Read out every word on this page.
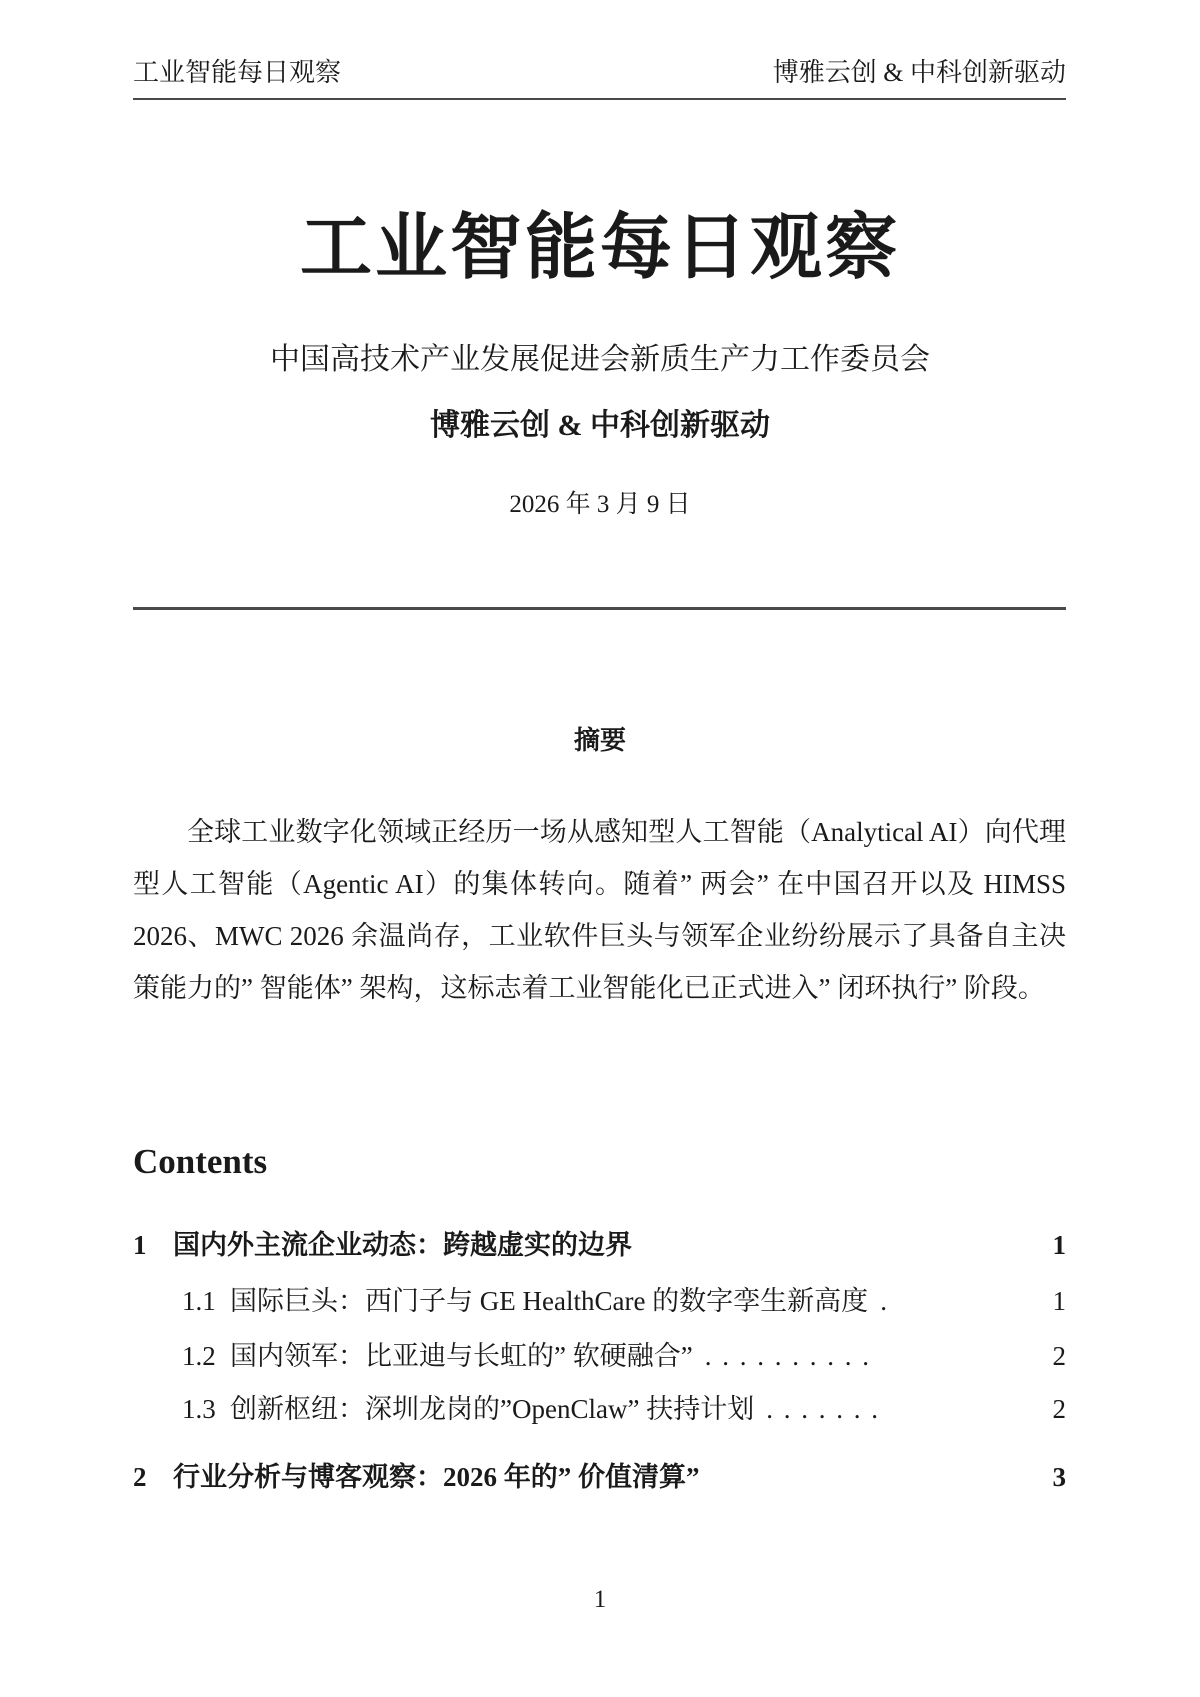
工业智能每日观察	博雅云创 & 中科创新驱动
工业智能每日观察
中国高技术产业发展促进会新质生产力工作委员会
博雅云创 & 中科创新驱动
2026 年 3 月 9 日
摘要
全球工业数字化领域正经历一场从感知型人工智能（Analytical AI）向代理型人工智能（Agentic AI）的集体转向。随着” 两会” 在中国召开以及 HIMSS 2026、MWC 2026 余温尚存，工业软件巨头与领军企业纷纷展示了具备自主决策能力的” 智能体” 架构，这标志着工业智能化已正式进入” 闭环执行” 阶段。
Contents
1 国内外主流企业动态：跨越虚实的边界	1
1.1 国际巨头：西门子与 GE HealthCare 的数字孪生新高度 .	1
1.2 国内领军：比亚迪与长虹的” 软硬融合” . . . . . . . . . .	2
1.3 创新枢纽：深圳龙岗的”OpenClaw” 扶持计划 . . . . . . .	2
2 行业分析与博客观察：2026 年的” 价值清算”	3
1
